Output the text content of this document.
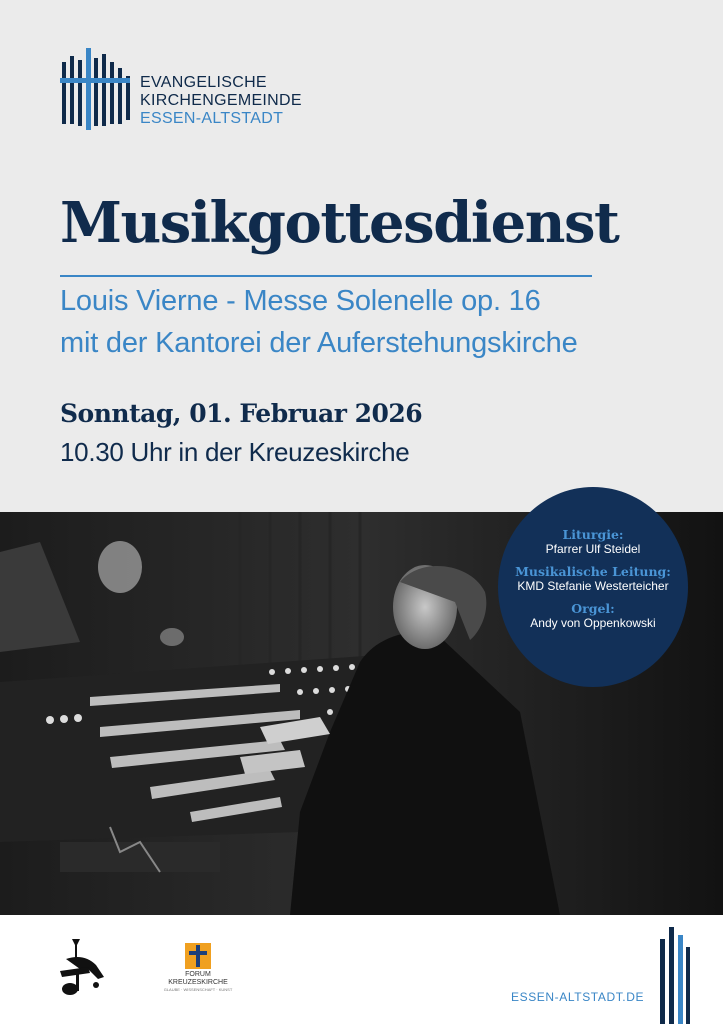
EVANGELISCHE
KIRCHENGEMEINDE
ESSEN-ALTSTADT
Musikgottesdienst

Louis Vierne - Messe Solenelle op. 16

mit der Kantorei der Auferstehungskirche

Sonntag, 01. Februar 2026

10.30 Uhr in der Kreuzeskirche

Liturgie:
Pfarrer Ulf Steidel
Musikalische Leitung:
KMD Stefanie Westerteicher
Orgel:
Andy von Oppenkowski
FORUM
KREUZESKIRCHE
GLAUBE · WISSENSCHAFT · KUNST
ESSEN-ALTSTADT.DE
